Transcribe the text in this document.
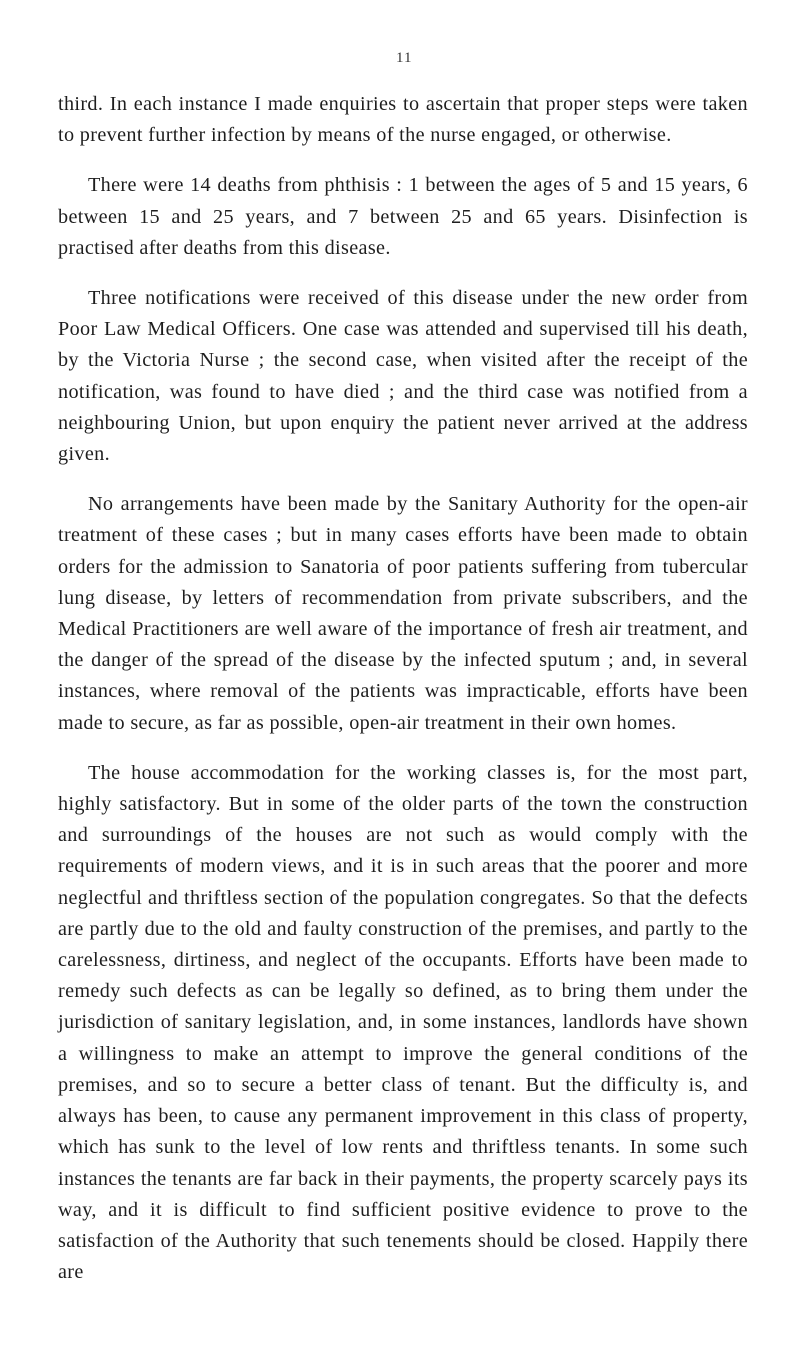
11

third. In each instance I made enquiries to ascertain that proper steps were taken to prevent further infection by means of the nurse engaged, or otherwise.

There were 14 deaths from phthisis : 1 between the ages of 5 and 15 years, 6 between 15 and 25 years, and 7 between 25 and 65 years. Disinfection is practised after deaths from this disease.

Three notifications were received of this disease under the new order from Poor Law Medical Officers. One case was attended and supervised till his death, by the Victoria Nurse ; the second case, when visited after the receipt of the notification, was found to have died ; and the third case was notified from a neighbouring Union, but upon enquiry the patient never arrived at the address given.

No arrangements have been made by the Sanitary Authority for the open-air treatment of these cases ; but in many cases efforts have been made to obtain orders for the admission to Sanatoria of poor patients suffering from tubercular lung disease, by letters of recommendation from private subscribers, and the Medical Practitioners are well aware of the importance of fresh air treatment, and the danger of the spread of the disease by the infected sputum ; and, in several instances, where removal of the patients was impracticable, efforts have been made to secure, as far as possible, open-air treatment in their own homes.

The house accommodation for the working classes is, for the most part, highly satisfactory. But in some of the older parts of the town the construction and surroundings of the houses are not such as would comply with the requirements of modern views, and it is in such areas that the poorer and more neglectful and thriftless section of the population congregates. So that the defects are partly due to the old and faulty construction of the premises, and partly to the carelessness, dirtiness, and neglect of the occupants. Efforts have been made to remedy such defects as can be legally so defined, as to bring them under the jurisdiction of sanitary legislation, and, in some instances, landlords have shown a willingness to make an attempt to improve the general conditions of the premises, and so to secure a better class of tenant. But the difficulty is, and always has been, to cause any permanent improvement in this class of property, which has sunk to the level of low rents and thriftless tenants. In some such instances the tenants are far back in their payments, the property scarcely pays its way, and it is difficult to find sufficient positive evidence to prove to the satisfaction of the Authority that such tenements should be closed. Happily there are
